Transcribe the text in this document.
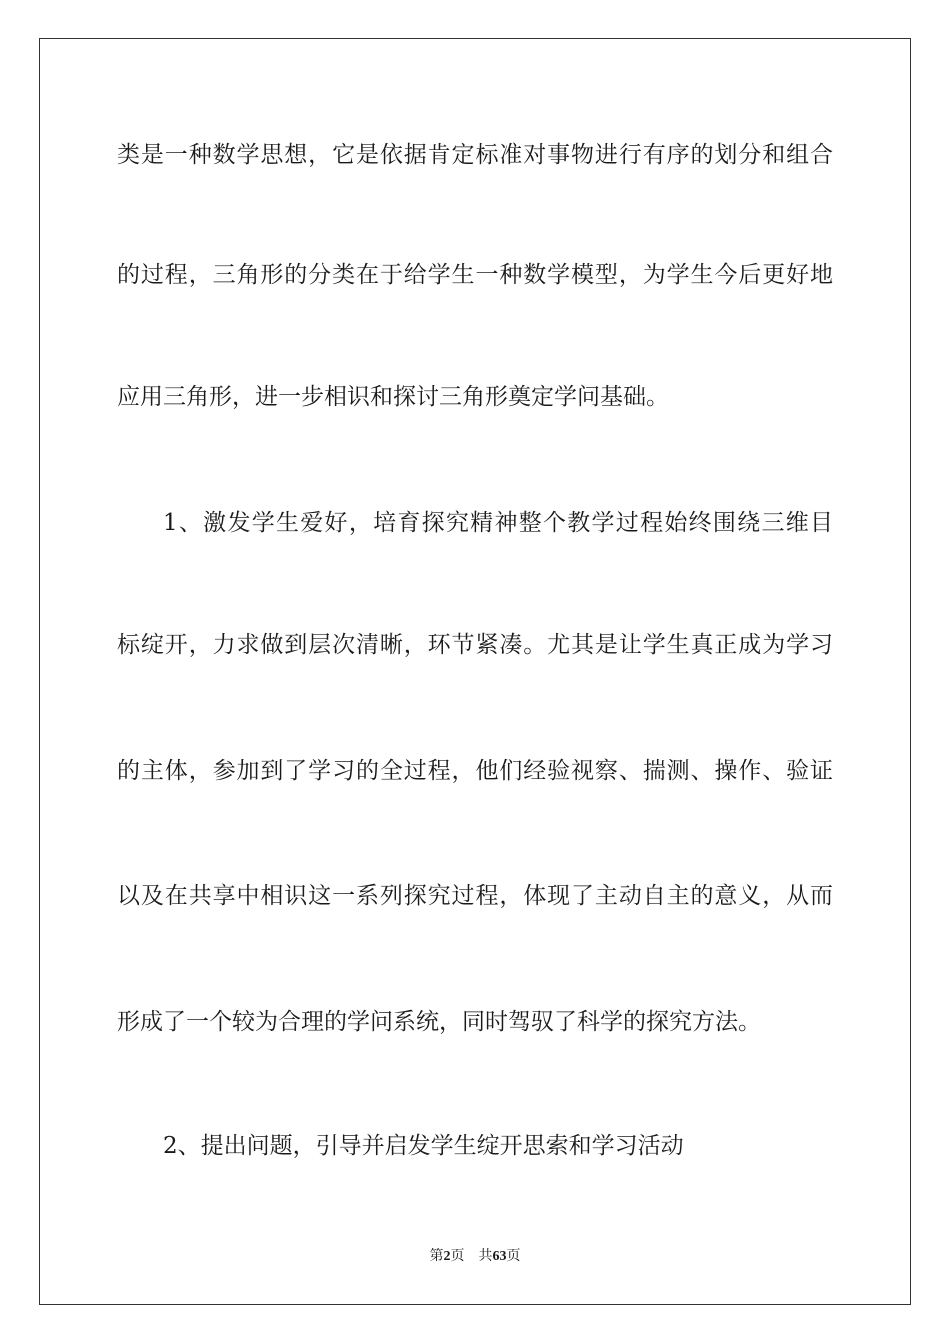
类是一种数学思想，它是依据肯定标准对事物进行有序的划分和组合
的过程，三角形的分类在于给学生一种数学模型，为学生今后更好地
应用三角形，进一步相识和探讨三角形奠定学问基础。
1、激发学生爱好，培育探究精神整个教学过程始终围绕三维目
标绽开，力求做到层次清晰，环节紧凑。尤其是让学生真正成为学习
的主体，参加到了学习的全过程，他们经验视察、揣测、操作、验证
以及在共享中相识这一系列探究过程，体现了主动自主的意义，从而
形成了一个较为合理的学问系统，同时驾驭了科学的探究方法。
2、提出问题，引导并启发学生绽开思索和学习活动
第2页 共63页
